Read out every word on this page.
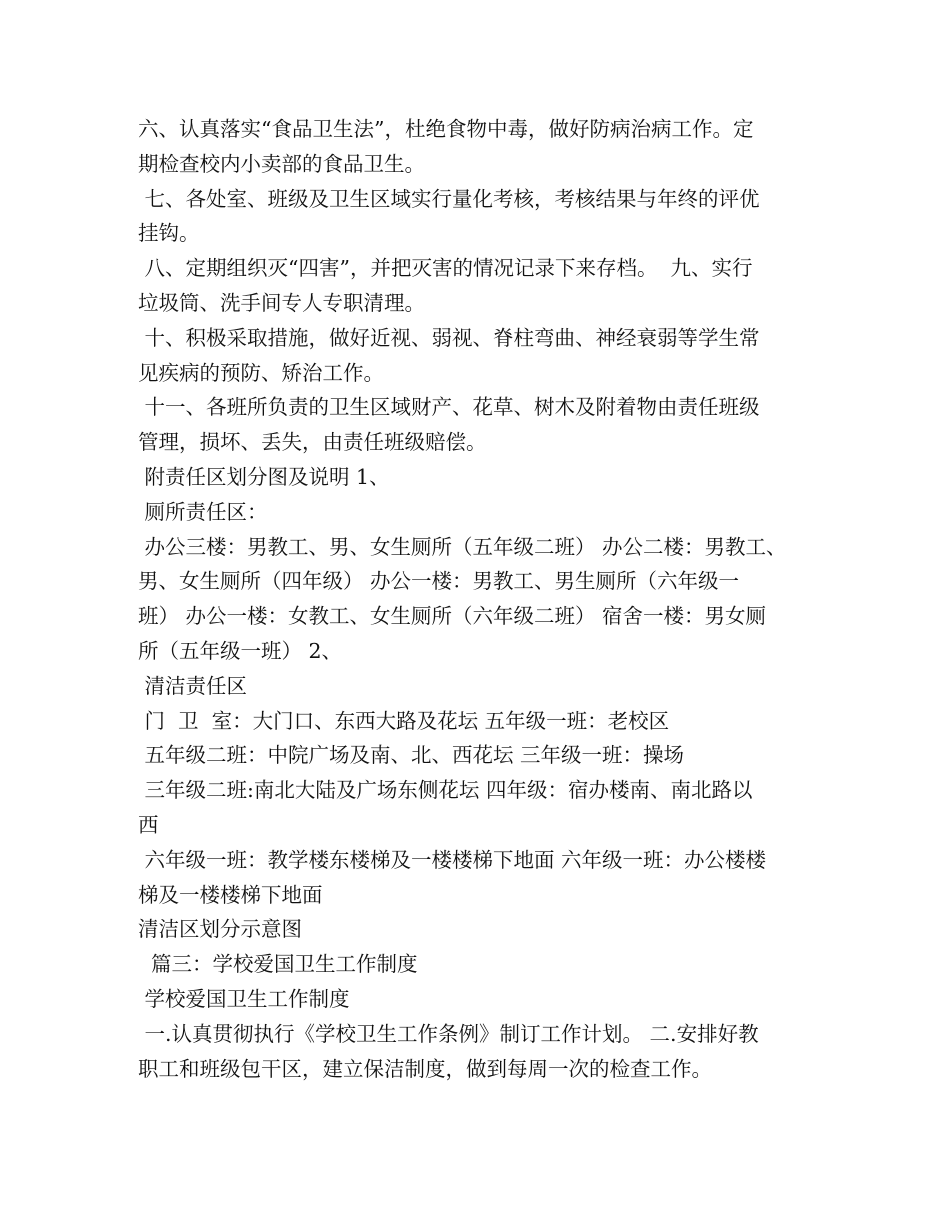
六、认真落实“食品卫生法”，杜绝食物中毒，做好防病治病工作。定
期检查校内小卖部的食品卫生。
七、各处室、班级及卫生区域实行量化考核，考核结果与年终的评优
挂钩。
八、定期组织灭“四害”，并把灭害的情况记录下来存档。  九、实行
垃圾筒、洗手间专人专职清理。
十、积极采取措施，做好近视、弱视、脊柱弯曲、神经衰弱等学生常
见疾病的预防、矫治工作。
十一、各班所负责的卫生区域财产、花草、树木及附着物由责任班级
管理，损坏、丢失，由责任班级赔偿。
附责任区划分图及说明 1、
厕所责任区：
办公三楼：男教工、男、女生厕所（五年级二班） 办公二楼：男教工、
男、女生厕所（四年级） 办公一楼：男教工、男生厕所（六年级一
班） 办公一楼：女教工、女生厕所（六年级二班） 宿舍一楼：男女厕
所（五年级一班） 2、
清洁责任区
门  卫  室：大门口、东西大路及花坛 五年级一班：老校区
五年级二班：中院广场及南、北、西花坛 三年级一班：操场
三年级二班:南北大陆及广场东侧花坛 四年级：宿办楼南、南北路以
西
六年级一班：教学楼东楼梯及一楼楼梯下地面 六年级一班：办公楼楼
梯及一楼楼梯下地面
清洁区划分示意图
篇三：学校爱国卫生工作制度
学校爱国卫生工作制度
一.认真贯彻执行《学校卫生工作条例》制订工作计划。 二.安排好教
职工和班级包干区，建立保洁制度，做到每周一次的检查工作。
